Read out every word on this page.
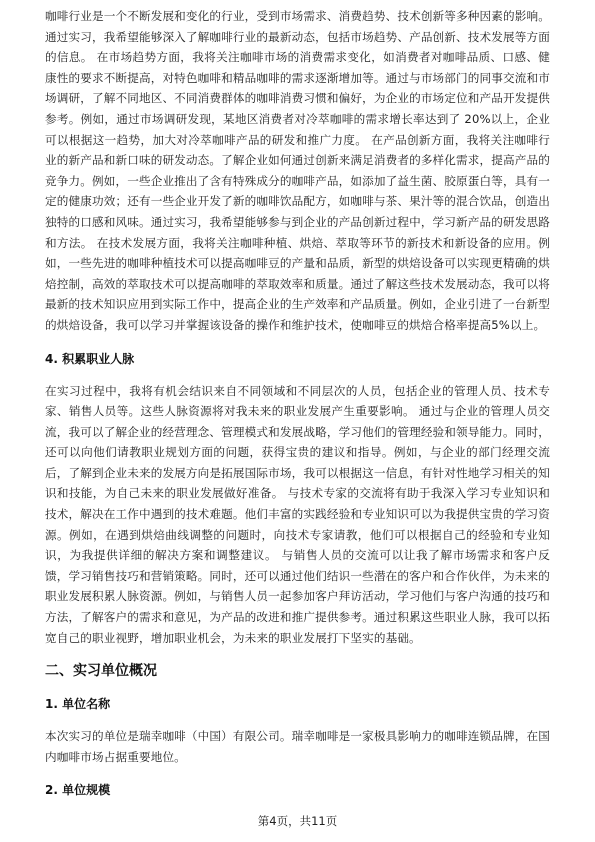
咖啡行业是一个不断发展和变化的行业，受到市场需求、消费趋势、技术创新等多种因素的影响。通过实习，我希望能够深入了解咖啡行业的最新动态，包括市场趋势、产品创新、技术发展等方面的信息。 在市场趋势方面，我将关注咖啡市场的消费需求变化，如消费者对咖啡品质、口感、健康性的要求不断提高，对特色咖啡和精品咖啡的需求逐渐增加等。通过与市场部门的同事交流和市场调研，了解不同地区、不同消费群体的咖啡消费习惯和偏好，为企业的市场定位和产品开发提供参考。例如，通过市场调研发现，某地区消费者对冷萃咖啡的需求增长率达到了 20%以上，企业可以根据这一趋势，加大对冷萃咖啡产品的研发和推广力度。 在产品创新方面，我将关注咖啡行业的新产品和新口味的研发动态。了解企业如何通过创新来满足消费者的多样化需求，提高产品的竞争力。例如，一些企业推出了含有特殊成分的咖啡产品，如添加了益生菌、胶原蛋白等，具有一定的健康功效；还有一些企业开发了新的咖啡饮品配方，如咖啡与茶、果汁等的混合饮品，创造出独特的口感和风味。通过实习，我希望能够参与到企业的产品创新过程中，学习新产品的研发思路和方法。 在技术发展方面，我将关注咖啡种植、烘焙、萃取等环节的新技术和新设备的应用。例如，一些先进的咖啡种植技术可以提高咖啡豆的产量和品质，新型的烘焙设备可以实现更精确的烘焙控制，高效的萃取技术可以提高咖啡的萃取效率和质量。通过了解这些技术发展动态，我可以将最新的技术知识应用到实际工作中，提高企业的生产效率和产品质量。例如，企业引进了一台新型的烘焙设备，我可以学习并掌握该设备的操作和维护技术，使咖啡豆的烘焙合格率提高5%以上。

4. 积累职业人脉

在实习过程中，我将有机会结识来自不同领域和不同层次的人员，包括企业的管理人员、技术专家、销售人员等。这些人脉资源将对我未来的职业发展产生重要影响。 通过与企业的管理人员交流，我可以了解企业的经营理念、管理模式和发展战略，学习他们的管理经验和领导能力。同时，还可以向他们请教职业规划方面的问题，获得宝贵的建议和指导。例如，与企业的部门经理交流后，了解到企业未来的发展方向是拓展国际市场，我可以根据这一信息，有针对性地学习相关的知识和技能，为自己未来的职业发展做好准备。 与技术专家的交流将有助于我深入学习专业知识和技术，解决在工作中遇到的技术难题。他们丰富的实践经验和专业知识可以为我提供宝贵的学习资源。例如，在遇到烘焙曲线调整的问题时，向技术专家请教，他们可以根据自己的经验和专业知识，为我提供详细的解决方案和调整建议。 与销售人员的交流可以让我了解市场需求和客户反馈，学习销售技巧和营销策略。同时，还可以通过他们结识一些潜在的客户和合作伙伴，为未来的职业发展积累人脉资源。例如，与销售人员一起参加客户拜访活动，学习他们与客户沟通的技巧和方法，了解客户的需求和意见，为产品的改进和推广提供参考。通过积累这些职业人脉，我可以拓宽自己的职业视野，增加职业机会，为未来的职业发展打下坚实的基础。

二、实习单位概况
1. 单位名称

本次实习的单位是瑞幸咖啡（中国）有限公司。瑞幸咖啡是一家极具影响力的咖啡连锁品牌，在国内咖啡市场占据重要地位。

2. 单位规模
第4页，共11页
